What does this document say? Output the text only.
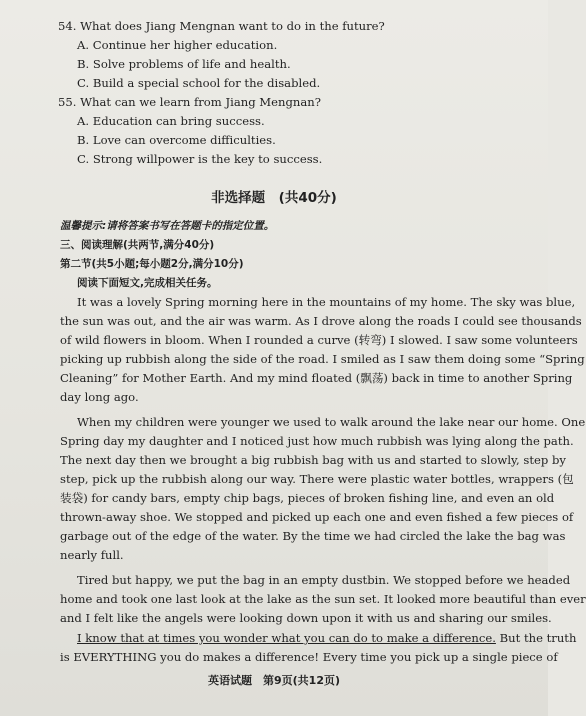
54. What does Jiang Mengnan want to do in the future?
A. Continue her higher education.
B. Solve problems of life and health.
C. Build a special school for the disabled.
55. What can we learn from Jiang Mengnan?
A. Education can bring success.
B. Love can overcome difficulties.
C. Strong willpower is the key to success.
非选择题　(共40分)
温馨提示:请将答案书写在答题卡的指定位置。
三、阅读理解(共两节,满分40分)
第二节(共5小题;每小题2分,满分10分)
阅读下面短文,完成相关任务。
It was a lovely Spring morning here in the mountains of my home. The sky was blue,
the sun was out, and the air was warm. As I drove along the roads I could see thousands
of wild flowers in bloom. When I rounded a curve (转弯) I slowed. I saw some volunteers
picking up rubbish along the side of the road. I smiled as I saw them doing some “Spring
Cleaning” for Mother Earth. And my mind floated (飘荡) back in time to another Spring
day long ago.
When my children were younger we used to walk around the lake near our home. One
Spring day my daughter and I noticed just how much rubbish was lying along the path.
The next day then we brought a big rubbish bag with us and started to slowly, step by
step, pick up the rubbish along our way. There were plastic water bottles, wrappers (包
装袋) for candy bars, empty chip bags, pieces of broken fishing line, and even an old
thrown-away shoe. We stopped and picked up each one and even fished a few pieces of
garbage out of the edge of the water. By the time we had circled the lake the bag was
nearly full.
Tired but happy, we put the bag in an empty dustbin. We stopped before we headed
home and took one last look at the lake as the sun set. It looked more beautiful than ever
and I felt like the angels were looking down upon it with us and sharing our smiles.
I know that at times you wonder what you can do to make a difference. But the truth
is EVERYTHING you do makes a difference! Every time you pick up a single piece of
英语试题　第9页(共12页)
